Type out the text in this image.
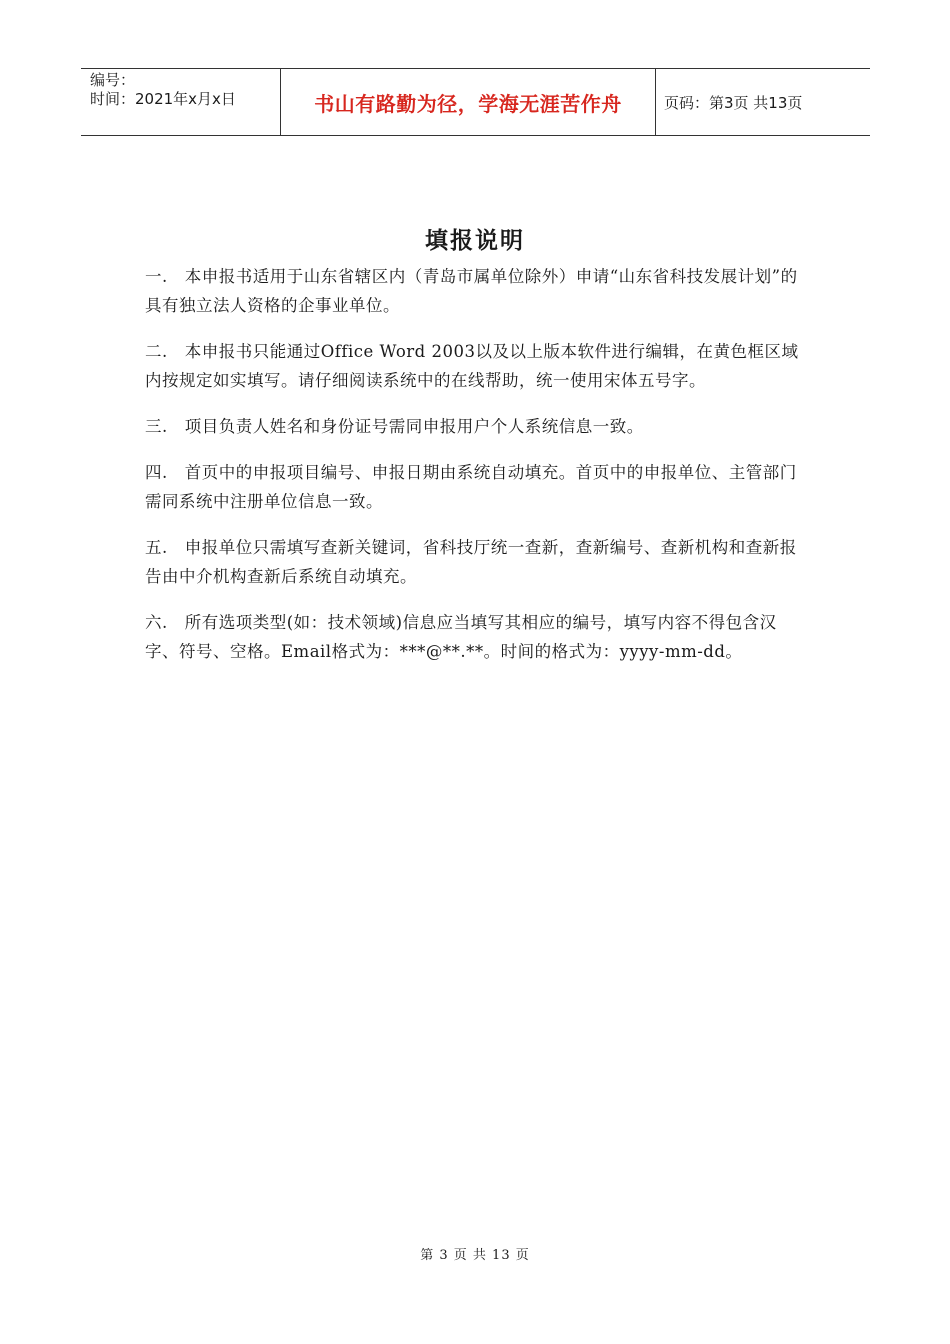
编号：
时间：2021年x月x日	书山有路勤为径，学海无涯苦作舟	页码：第3页 共13页
填报说明

一.　本申报书适用于山东省辖区内（青岛市属单位除外）申请“山东省科技发展计划”的具有独立法人资格的企事业单位。

二.　本申报书只能通过Office Word 2003以及以上版本软件进行编辑，在黄色框区域内按规定如实填写。请仔细阅读系统中的在线帮助，统一使用宋体五号字。

三.　项目负责人姓名和身份证号需同申报用户个人系统信息一致。

四.　首页中的申报项目编号、申报日期由系统自动填充。首页中的申报单位、主管部门需同系统中注册单位信息一致。

五.　申报单位只需填写查新关键词，省科技厅统一查新，查新编号、查新机构和查新报告由中介机构查新后系统自动填充。

六.　所有选项类型(如：技术领域)信息应当填写其相应的编号，填写内容不得包含汉字、符号、空格。Email格式为：***@**.**。时间的格式为：yyyy-mm-dd。

第 3 页 共 13 页
